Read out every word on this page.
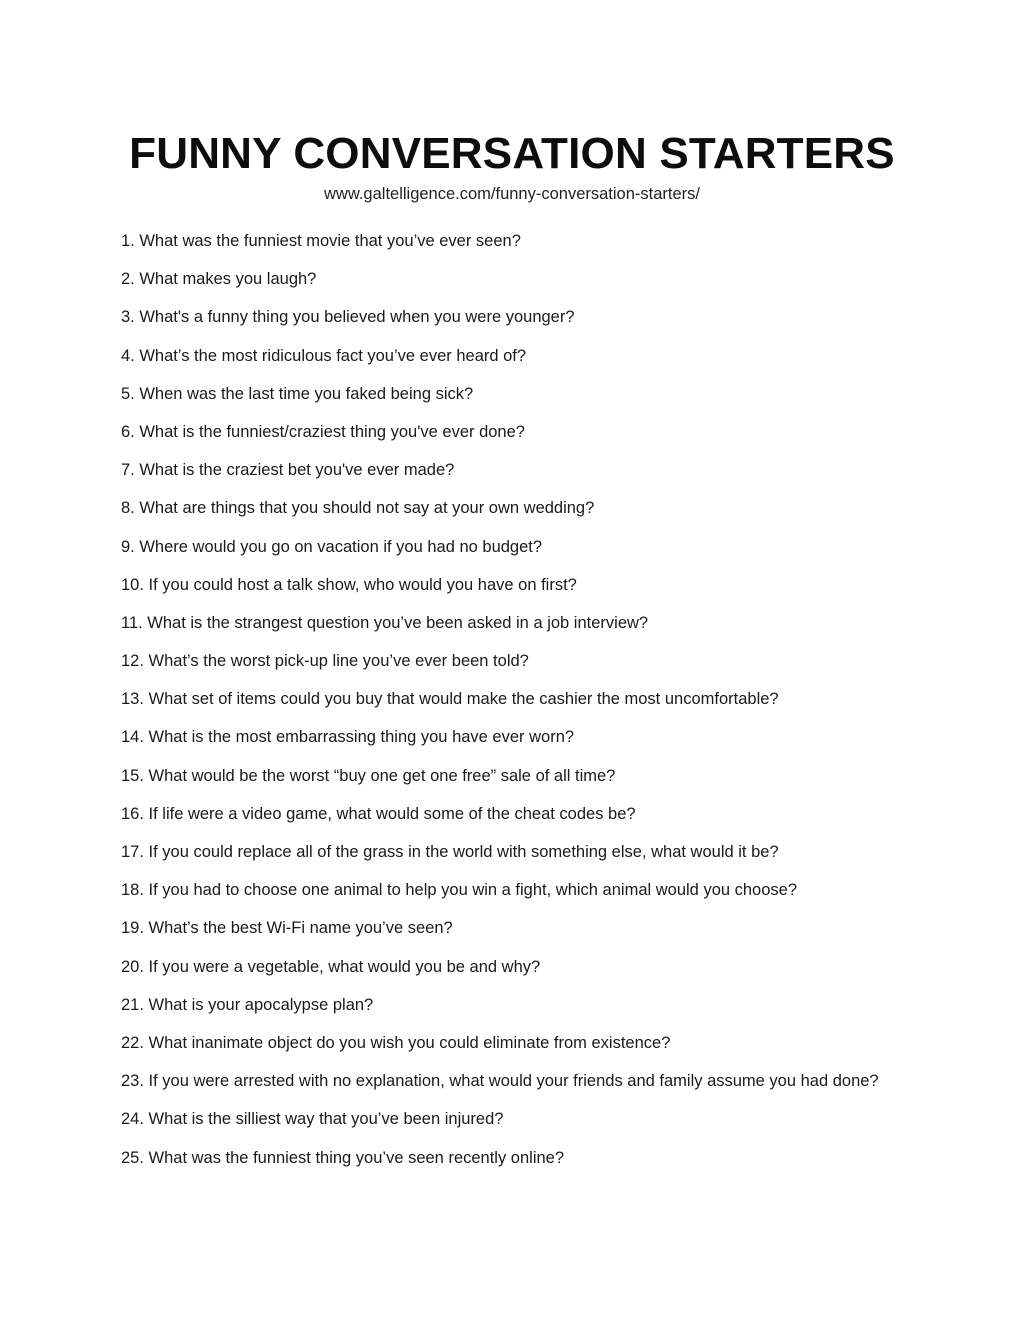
FUNNY CONVERSATION STARTERS

www.galtelligence.com/funny-conversation-starters/

1. What was the funniest movie that you’ve ever seen?
2. What makes you laugh?
3. What's a funny thing you believed when you were younger?
4. What’s the most ridiculous fact you’ve ever heard of?
5. When was the last time you faked being sick?
6. What is the funniest/craziest thing you've ever done?
7. What is the craziest bet you've ever made?
8. What are things that you should not say at your own wedding?
9. Where would you go on vacation if you had no budget?
10. If you could host a talk show, who would you have on first?
11. What is the strangest question you’ve been asked in a job interview?
12. What’s the worst pick-up line you’ve ever been told?
13. What set of items could you buy that would make the cashier the most uncomfortable?
14. What is the most embarrassing thing you have ever worn?
15. What would be the worst “buy one get one free” sale of all time?
16. If life were a video game, what would some of the cheat codes be?
17. If you could replace all of the grass in the world with something else, what would it be?
18. If you had to choose one animal to help you win a fight, which animal would you choose?
19. What’s the best Wi-Fi name you’ve seen?
20. If you were a vegetable, what would you be and why?
21. What is your apocalypse plan?
22. What inanimate object do you wish you could eliminate from existence?
23. If you were arrested with no explanation, what would your friends and family assume you had done?
24. What is the silliest way that you’ve been injured?
25. What was the funniest thing you’ve seen recently online?
